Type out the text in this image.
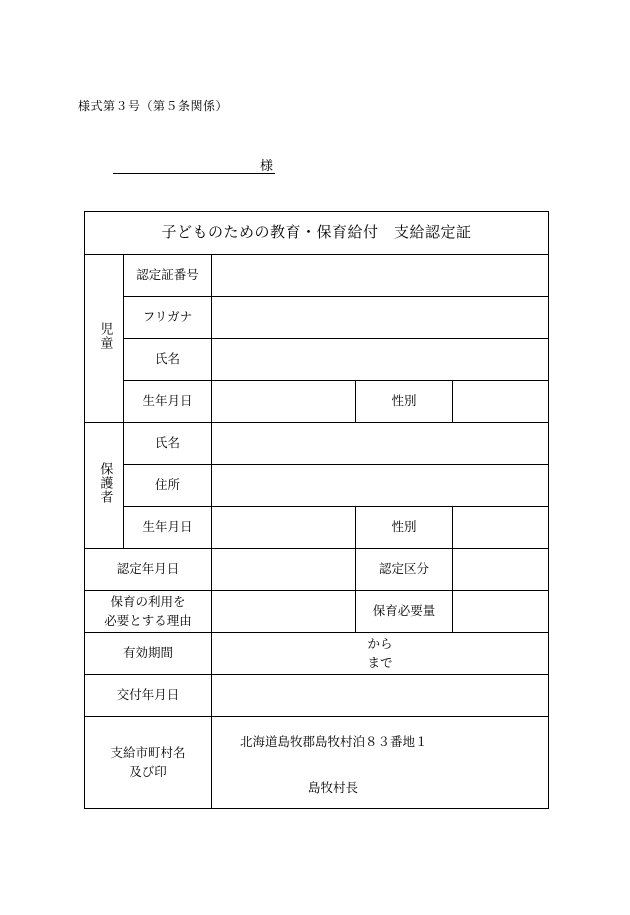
様式第３号（第５条関係）
様
子どものための教育・保育給付　支給認定証				
児童	認定証番号			
	フリガナ			
	氏名			
	生年月日		性別	
保護者	氏名			
	住所			
	生年月日		性別	
認定年月日			認定区分	

保育の利用を
必要とする理由			保育必要量	
有効期間		から
まで		

交付年月日				

支給市町村名
及び印		北海道島牧郡島牧村泊８３番地１
島牧村長		
